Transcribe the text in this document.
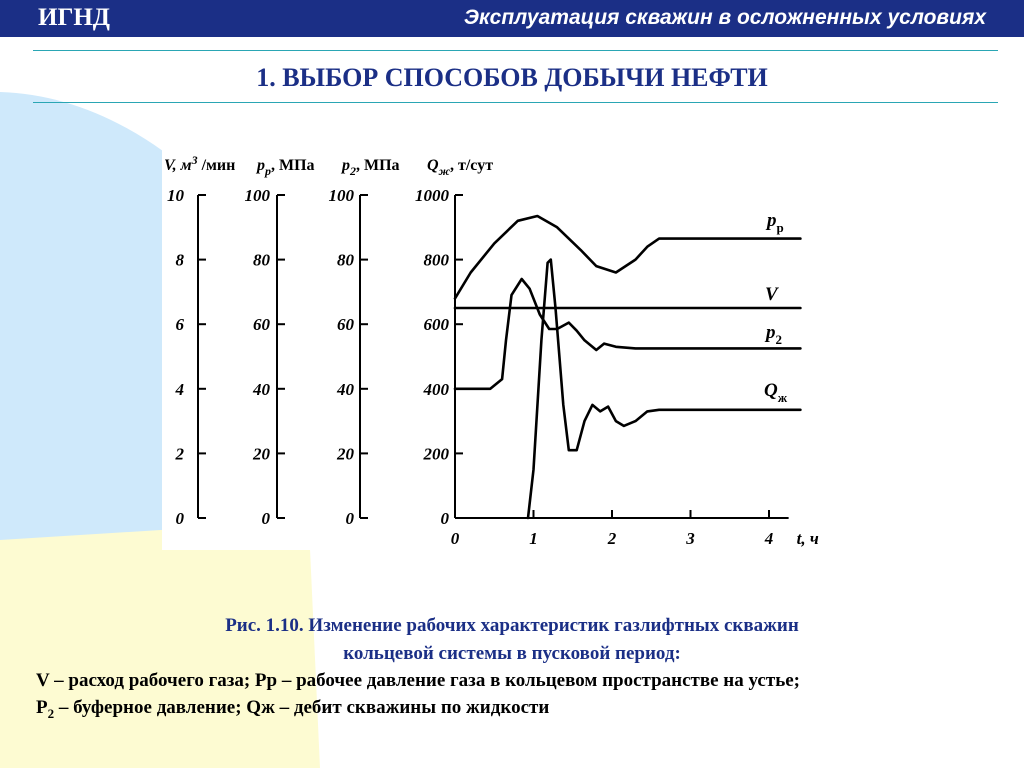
ИГНД	Эксплуатация скважин в осложненных условиях
1. ВЫБОР СПОСОБОВ ДОБЫЧИ НЕФТИ
V, $м^3$ /мин $p_р$, МПа $p_2$, МПа $Q_ж$, т/сут
0
2
4
6
8
10
0
20
40
60
80
100
0
20
40
60
80
100
0
200
400
600
800
1000
0	1	2	3	4 t, ч
$p_р$
V
$p_2$
$Q_ж$
Рис. 1.10. Изменение рабочих характеристик газлифтных скважин
кольцевой системы в пусковой период:
V – расход рабочего газа; Pр – рабочее давление газа в кольцевом пространстве на устье;
$P_2$ – буферное давление; Qж – дебит скважины по жидкости
